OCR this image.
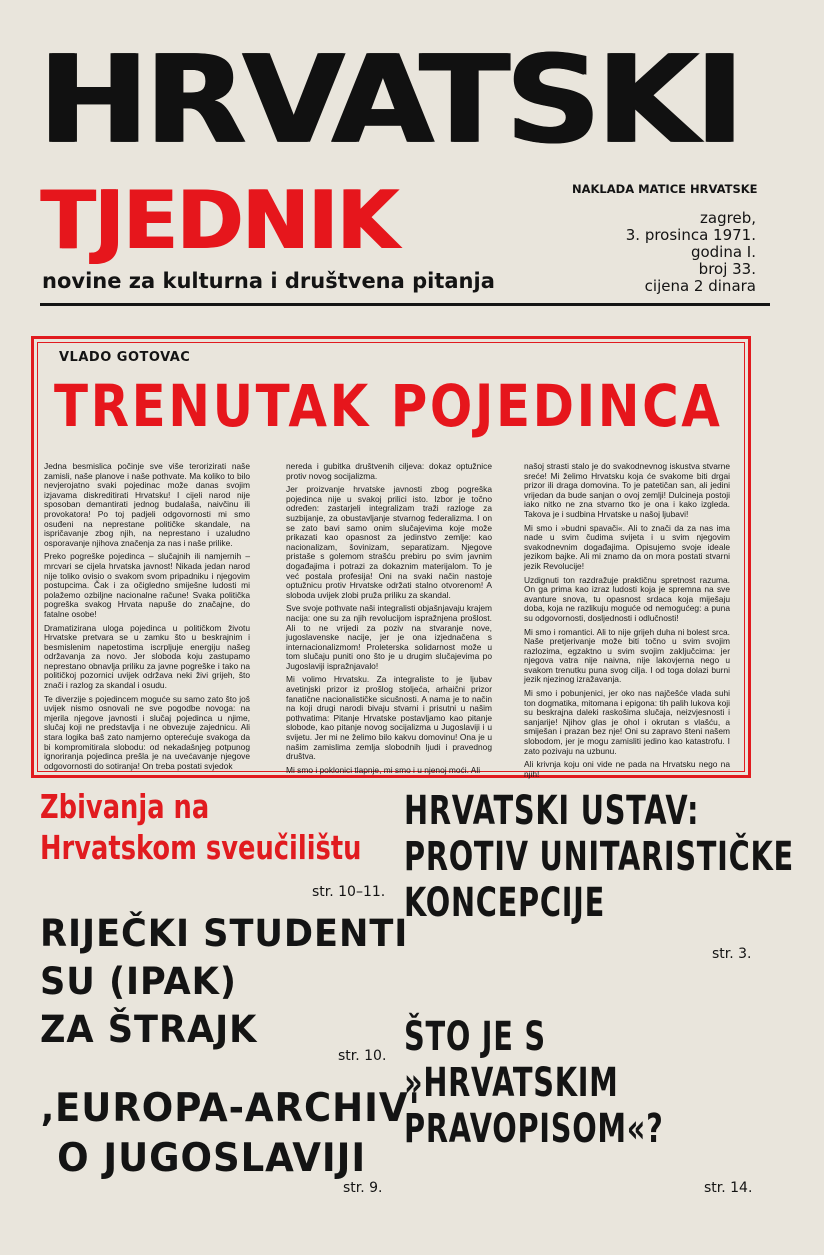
HRVATSKI
TJEDNIK
novine za kulturna i društvena pitanja
NAKLADA MATICE HRVATSKE
zagreb,
3. prosinca 1971.
godina I.
broj 33.
cijena 2 dinara
VLADO GOTOVAC
TRENUTAK POJEDINCA

Jedna besmislica počinje sve više terorizirati naše zamisli, naše planove i naše pothvate. Ma koliko to bilo nevjerojatno svaki pojedinac može danas svojim izjavama diskreditirati Hrvatsku! I cijeli narod nije sposoban demantirati jednog budalaša, naivčinu ili provokatora! Po toj padjeli odgovornosti mi smo osuđeni na neprestane političke skandale, na ispričavanje zbog njih, na neprestano i uzaludno osporavanje njihova značenja za nas i naše prilike.

Preko pogreške pojedinca – slučajnih ili namjernih – mrcvari se cijela hrvatska javnost! Nikada jedan narod nije toliko ovisio o svakom svom pripadniku i njegovim postupcima. Čak i za očigledno smiješne ludosti mi polažemo ozbiljne nacionalne račune! Svaka politička pogreška svakog Hrvata napuše do značajne, do fatalne osobe!

Dramatizirana uloga pojedinca u političkom životu Hrvatske pretvara se u zamku što u beskrajnim i besmislenim napetostima iscrpljuje energiju našeg održavanja za novo. Jer sloboda koju zastupamo neprestano obnavlja priliku za javne pogreške i tako na političkoj pozornici uvijek održava neki živi grijeh, što znači i razlog za skandal i osudu.

Te diverzije s pojedincem moguće su samo zato što još uvijek nismo osnovali ne sve pogodbe novoga: na mjerila njegove javnosti i slučaj pojedinca u njime, slučaj koji ne predstavlja i ne obvezuje zajednicu. Ali stara logika baš zato namjerno opterećuje svakoga da bi kompromitirala slobodu: od nekadašnjeg potpunog ignoriranja pojedinca prešla je na uvećavanje njegove odgovornosti do sotiranja! On treba postati svjedok

nereda i gubitka društvenih ciljeva: dokaz optužnice protiv novog socijalizma.

Jer proizvanje hrvatske javnosti zbog pogreška pojedinca nije u svakoj prilici isto. Izbor je točno određen: zastarjeli integralizam traži razloge za suzbijanje, za obustavljanje stvarnog federalizma. I on se zato bavi samo onim slučajevima koje može prikazati kao opasnost za jedinstvo zemlje: kao nacionalizam, šovinizam, separatizam. Njegove pristaše s golemom strašću prebiru po svim javnim događajima i potrazi za dokaznim materijalom. To je već postala profesija! Oni na svaki način nastoje optužnicu protiv Hrvatske održati stalno otvorenom! A sloboda uvijek zlobi pruža priliku za skandal.

Sve svoje pothvate naši integralisti objašnjavaju krajem nacija: one su za njih revolucijom ispražnjena prošlost. Ali to ne vrijedi za poziv na stvaranje nove, jugoslavenske nacije, jer je ona izjednačena s internacionalizmom! Proleterska solidarnost može u tom slučaju puniti ono što je u drugim slučajevima po Jugoslaviji ispražnjavalo!

Mi volimo Hrvatsku. Za integraliste to je ljubav avetinjski prizor iz prošlog stoljeća, arhaični prizor fanatične nacionalističke sicušnosti. A nama je to način na koji drugi narodi bivaju stvarni i prisutni u našim pothvatima: Pitanje Hrvatske postavljamo kao pitanje slobode, kao pitanje novog socijalizma u Jugoslaviji i u svijetu. Jer mi ne želimo bilo kakvu domovinu! Ona je u našim zamislima zemlja slobodnih ljudi i pravednog društva.

Mi smo i poklonici tlapnje, mi smo i u njenoj moći. Ali

našoj strasti stalo je do svakodnevnog iskustva stvarne sreće! Mi želimo Hrvatsku koja će svakome biti drgai prizor ili draga domovina. To je patetičan san, ali jedini vrijedan da bude sanjan o ovoj zemlji! Dulcineja postoji iako nitko ne zna stvarno tko je ona i kako izgleda. Takova je i sudbina Hrvatske u našoj ljubavi!

Mi smo i »budni spavači«. Ali to znači da za nas ima nade u svim čudima svijeta i u svim njegovim svakodnevnim događajima. Opisujemo svoje ideale jezikom bajke. Ali mi znamo da on mora postati stvarni jezik Revolucije!

Uzdignuti ton razdražuje praktičnu spretnost razuma. On ga prima kao izraz ludosti koja je spremna na sve avanture snova, tu opasnost srdaca koja miješaju doba, koja ne razlikuju moguće od nemogućeg: a puna su odgovornosti, dosljednosti i odlučnosti!

Mi smo i romantici. Ali to nije grijeh duha ni bolest srca. Naše pretjerivanje može biti točno u svim svojim razlozima, egzaktno u svim svojim zaključcima: jer njegova vatra nije naivna, nije lakovjerna nego u svakom trenutku puna svog cilja. I od toga dolazi burni jezik njezinog izražavanja.

Mi smo i pobunjenici, jer oko nas najčešće vlada suhi ton dogmatika, mitomana i epigona: tih palih lukova koji su beskrajna daleki raskošima slučaja, neizvjesnosti i sanjarije! Njihov glas je ohol i okrutan s vlašću, a smiješan i prazan bez nje! Oni su zapravo šteni našem slobodom, jer je mogu zamisliti jedino kao katastrofu. I zato pozivaju na uzbunu.

Ali krivnja koju oni vide ne pada na Hrvatsku nego na njih!

Zbivanja na
Hrvatskom sveučilištu
str. 10–11.
RIJEČKI STUDENTI
SU (IPAK)
ZA ŠTRAJK
str. 10.
‚EUROPA-ARCHIV'
O JUGOSLAVIJI
str. 9.
HRVATSKI USTAV:
PROTIV UNITARISTIČKE
KONCEPCIJE
str. 3.
ŠTO JE S
»HRVATSKIM
PRAVOPISOM«?
str. 14.
